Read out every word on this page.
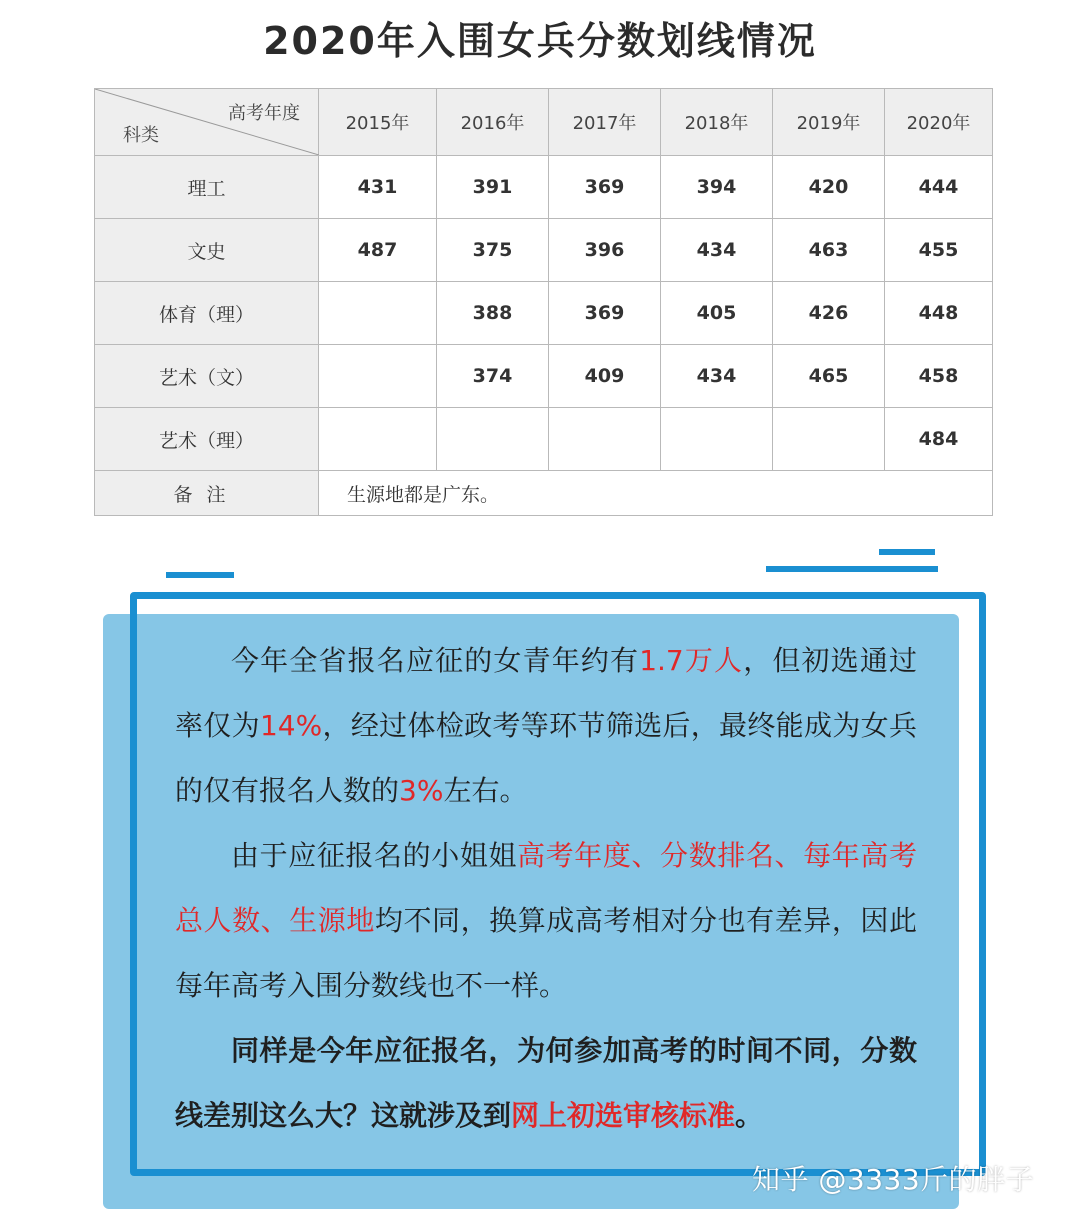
2020年入围女兵分数划线情况
高考年度
科类	2015年	2016年	2017年	2018年	2019年	2020年
理工	431	391	369	394	420	444
文史	487	375	396	434	463	455
体育（理）		388	369	405	426	448
艺术（文）		374	409	434	465	458
艺术（理）						484
备注	生源地都是广东。					

今年全省报名应征的女青年约有1.7万人，但初选通过率仅为14%，经过体检政考等环节筛选后，最终能成为女兵的仅有报名人数的3%左右。

由于应征报名的小姐姐高考年度、分数排名、每年高考总人数、生源地均不同，换算成高考相对分也有差异，因此每年高考入围分数线也不一样。

同样是今年应征报名，为何参加高考的时间不同，分数线差别这么大？这就涉及到网上初选审核标准。

知乎 @3333斤的胖子
